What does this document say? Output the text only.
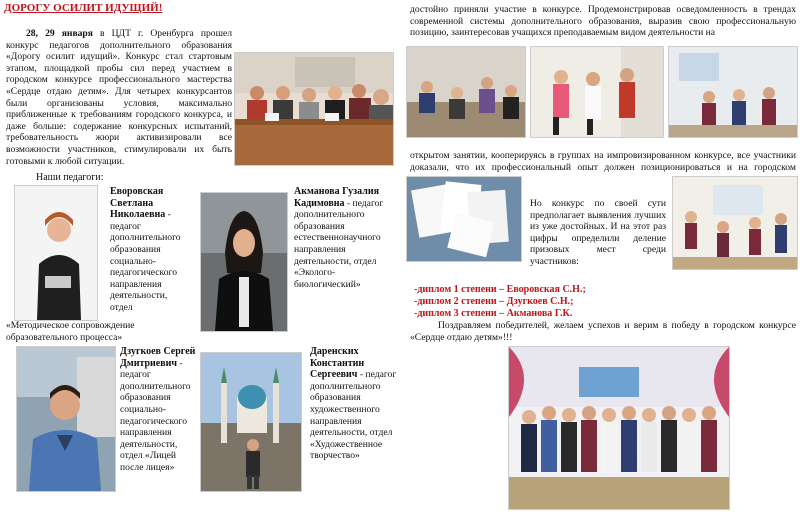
ДОРОГУ ОСИЛИТ ИДУЩИЙ!
28, 29 января в ЦДТ г. Оренбурга прошел конкурс педагогов дополнительного образования «Дорогу осилит идущий». Конкурс стал стартовым этапом, площадкой пробы сил перед участием в городском конкурсе профессионального мастерства «Сердце отдаю детям». Для четырех конкурсантов были организованы условия, максимально приближенные к требованиям городского конкурса, и даже больше: содержание конкурсных испытаний, требовательность жюри активизировали все возможности участников, стимулировали их быть готовыми к любой ситуации.
Наши педагоги:
Еворовская Светлана Николаевна - педагог дополнительного образования социально-педагогического направления деятельности, отдел
«Методическое сопровождение образовательного процесса»
Акманова Гузалия Кадимовна - педагог дополнительного образования естественнонаучного направления деятельности, отдел «Эколого-биологический»
Дзугкоев Сергей Дмитриевич - педагог дополнительного образования социально-педагогического направления деятельности, отдел «Лицей после лицея»
Даренских Константин Сергеевич - педагог дополнительного образования художественного направления деятельности, отдел «Художественное творчество»
достойно приняли участие в конкурсе. Продемонстрировав осведомленность в трендах современной системы дополнительного образования, выразив свою профессиональную позицию, заинтересовав учащихся преподаваемым видом деятельности на
открытом занятии, кооперируясь в группах на импровизированном конкурсе, все участники доказали, что их профессиональный опыт должен позиционироваться и на городском
Но конкурс по своей сути предполагает выявления лучших из уже достойных. И на этот раз цифры определили деление призовых мест среди участников:
-диплом 1 степени – Еворовская С.Н.;
-диплом 2 степени – Дзугкоев С.Н.;
-диплом 3 степени – Акманова Г.К.
Поздравляем победителей, желаем успехов и верим в победу в городском конкурсе «Сердце отдаю детям»!!!
